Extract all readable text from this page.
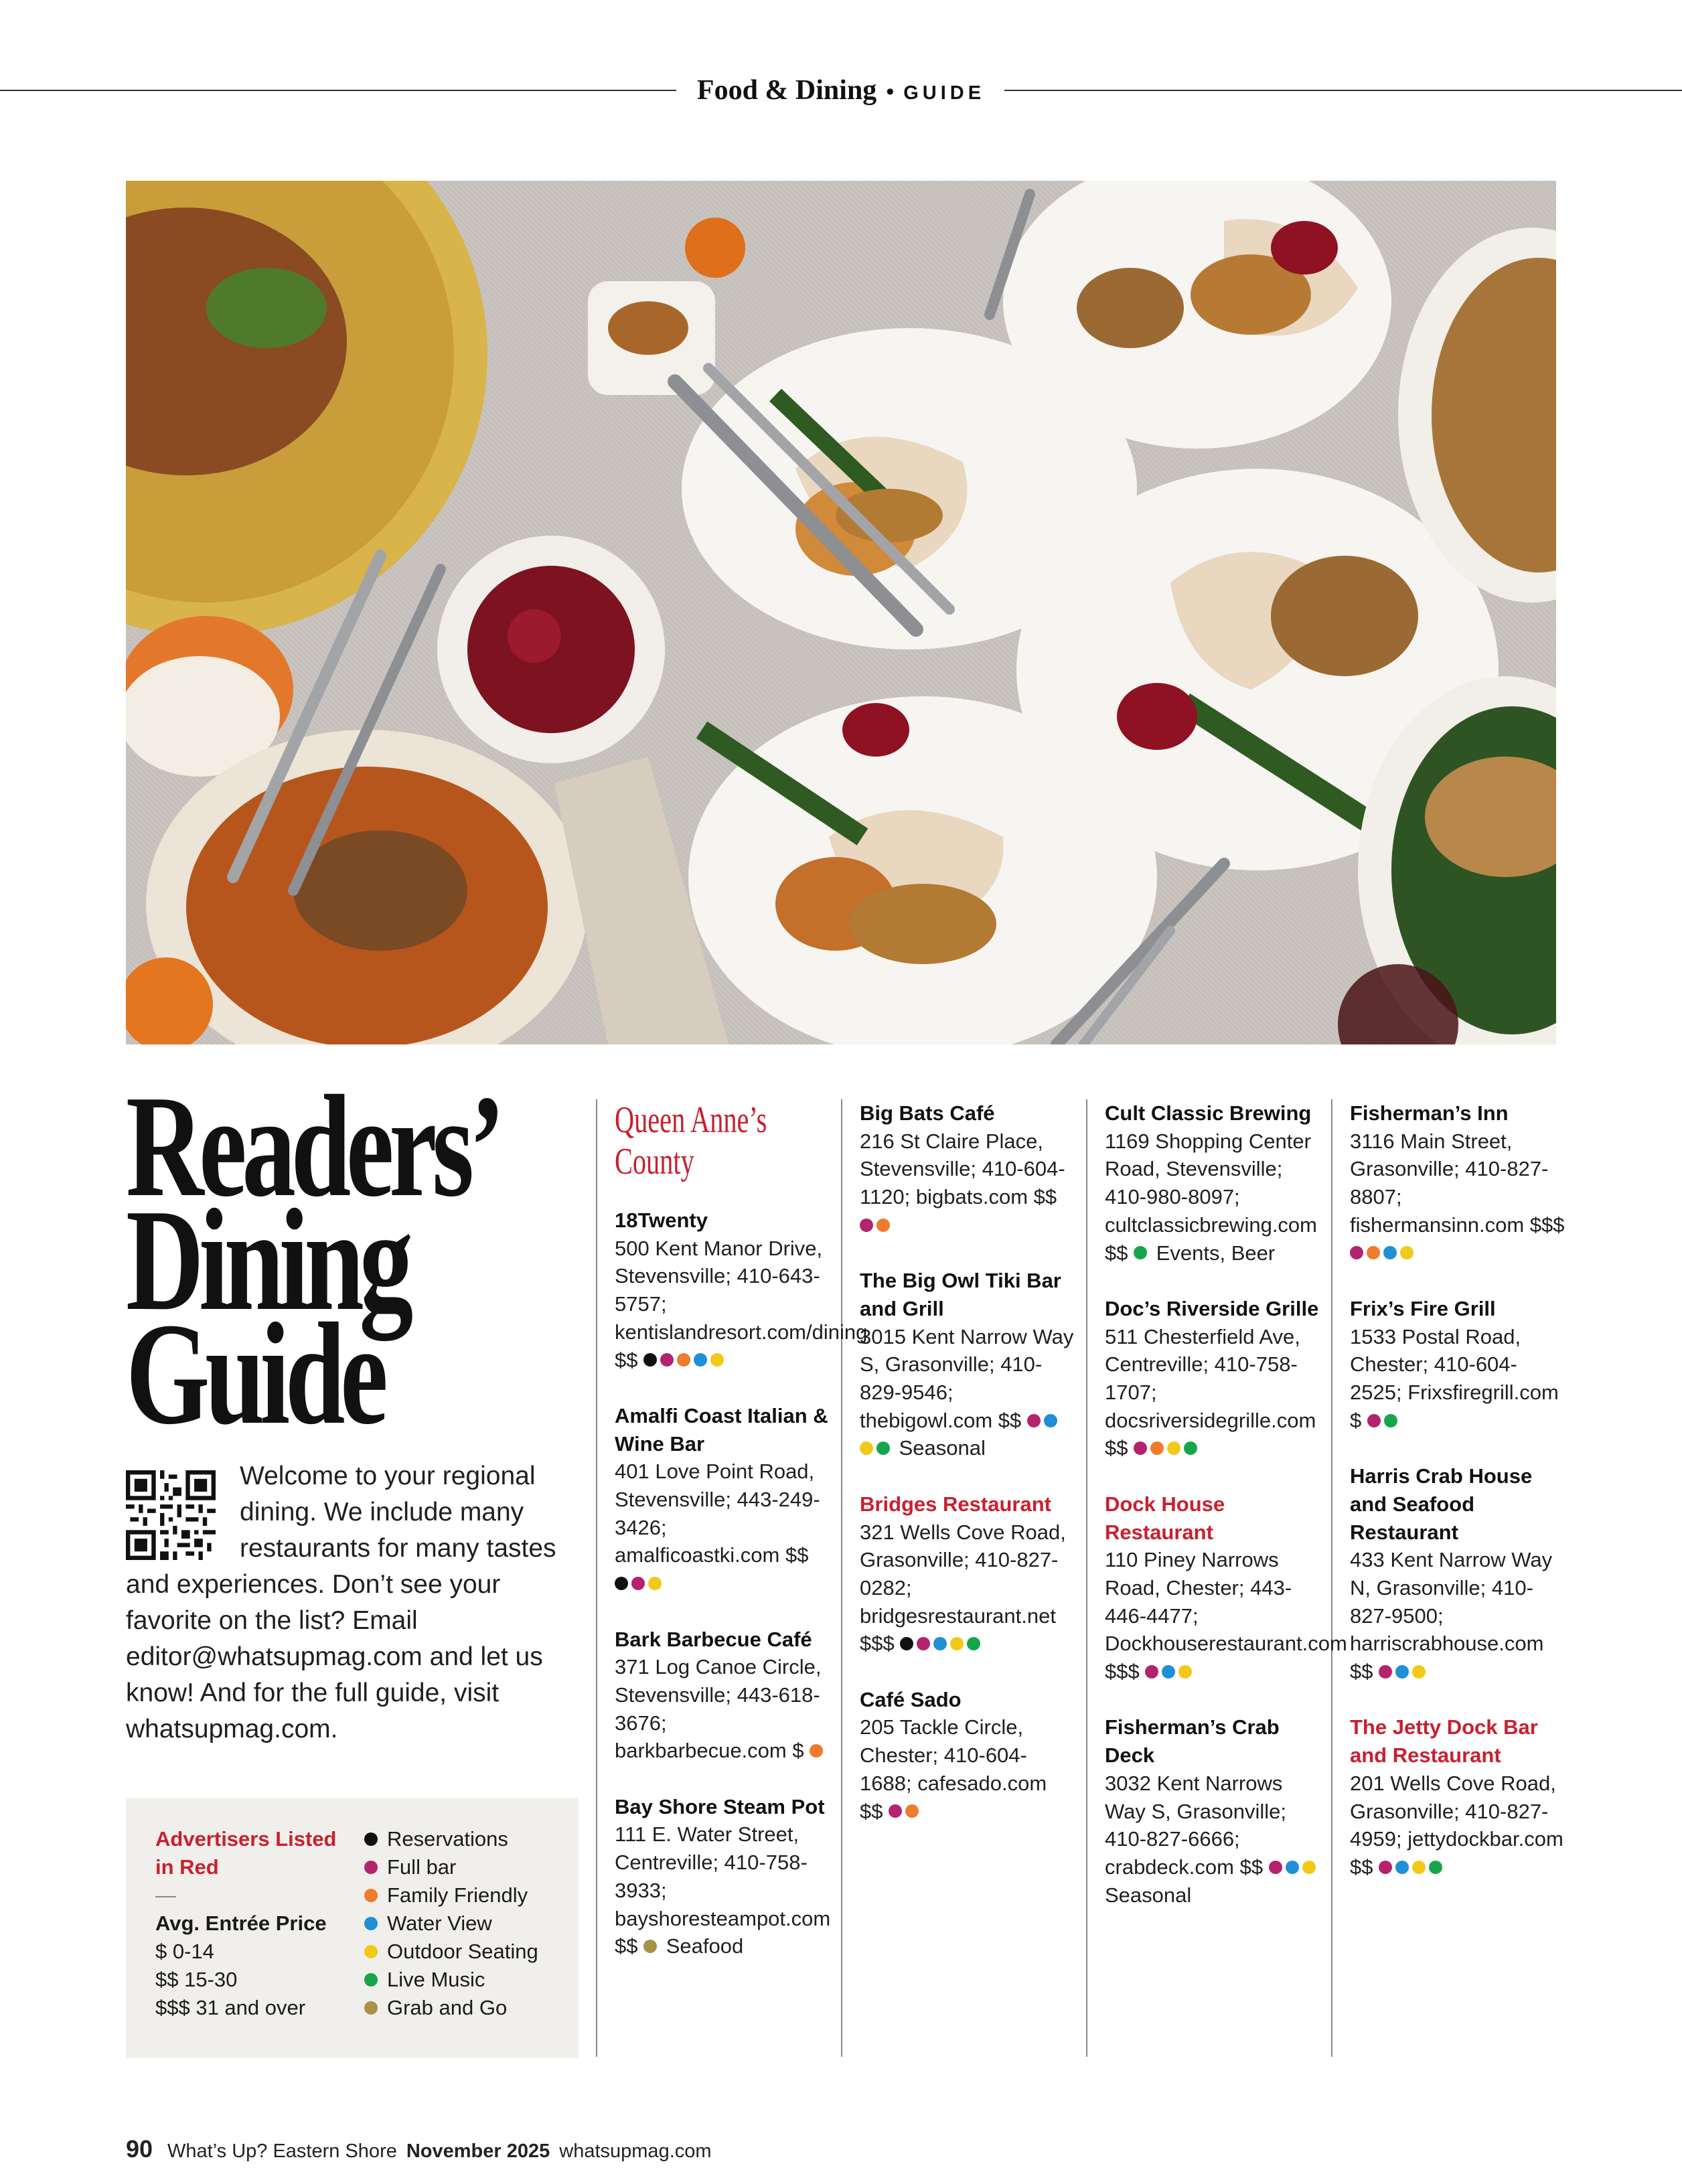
Food & Dining • GUIDE
Readers’
Dining
Guide
Welcome to your regional dining. We include many restaurants for many tastes and experiences. Don’t see your favorite on the list? Email editor@whatsupmag.com and let us know! And for the full guide, visit whatsupmag.com.
Advertisers Listed in Red
—
Avg. Entrée Price
$ 0-14
$$ 15-30
$$$ 31 and over
Reservations
Full bar
Family Friendly
Water View
Outdoor Seating
Live Music
Grab and Go
Queen Anne’s
County
18Twenty
500 Kent Manor Drive, Stevensville; 410-643-5757; kentislandresort.com/dining $$
Amalfi Coast Italian & Wine Bar
401 Love Point Road, Stevensville; 443-249-3426; amalficoastki.com $$
Bark Barbecue Café
371 Log Canoe Circle, Stevensville; 443-618-3676; barkbarbecue.com $
Bay Shore Steam Pot
111 E. Water Street, Centreville; 410-758-3933; bayshoresteampot.com $$  Seafood
Big Bats Café
216 St Claire Place, Stevensville; 410-604-1120; bigbats.com $$
The Big Owl Tiki Bar and Grill
3015 Kent Narrow Way S, Grasonville; 410-829-9546; thebigowl.com $$  Seasonal
Bridges Restaurant
321 Wells Cove Road, Grasonville; 410-827-0282; bridgesrestaurant.net $$$
Café Sado
205 Tackle Circle, Chester; 410-604-1688; cafesado.com $$
Cult Classic Brewing
1169 Shopping Center Road, Stevensville; 410-980-8097; cultclassicbrewing.com $$  Events, Beer
Doc’s Riverside Grille
511 Chesterfield Ave, Centreville; 410-758-1707; docsriversidegrille.com $$
Dock House Restaurant
110 Piney Narrows Road, Chester; 443-446-4477; Dockhouserestaurant.com $$$
Fisherman’s Crab Deck
3032 Kent Narrows Way S, Grasonville; 410-827-6666; crabdeck.com $$  Seasonal
Fisherman’s Inn
3116 Main Street, Grasonville; 410-827-8807; fishermansinn.com $$$
Frix’s Fire Grill
1533 Postal Road, Chester; 410-604-2525; Frixsfiregrill.com $
Harris Crab House and Seafood Restaurant
433 Kent Narrow Way N, Grasonville; 410-827-9500; harriscrabhouse.com $$
The Jetty Dock Bar and Restaurant
201 Wells Cove Road, Grasonville; 410-827-4959; jettydockbar.com $$
90 What’s Up? Eastern Shore November 2025 whatsupmag.com
